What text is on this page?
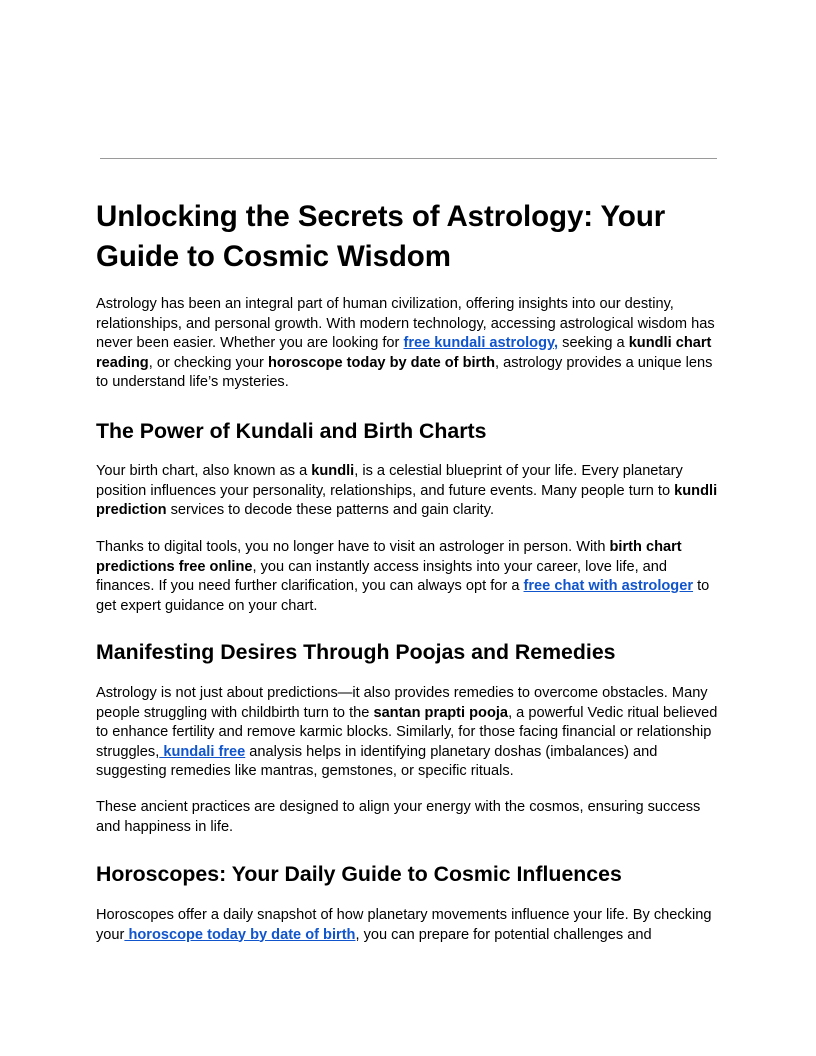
Unlocking the Secrets of Astrology: Your Guide to Cosmic Wisdom

Astrology has been an integral part of human civilization, offering insights into our destiny, relationships, and personal growth. With modern technology, accessing astrological wisdom has never been easier. Whether you are looking for free kundali astrology, seeking a kundli chart reading, or checking your horoscope today by date of birth, astrology provides a unique lens to understand life’s mysteries.

The Power of Kundali and Birth Charts

Your birth chart, also known as a kundli, is a celestial blueprint of your life. Every planetary position influences your personality, relationships, and future events. Many people turn to kundli prediction services to decode these patterns and gain clarity.

Thanks to digital tools, you no longer have to visit an astrologer in person. With birth chart predictions free online, you can instantly access insights into your career, love life, and finances. If you need further clarification, you can always opt for a free chat with astrologer to get expert guidance on your chart.

Manifesting Desires Through Poojas and Remedies

Astrology is not just about predictions—it also provides remedies to overcome obstacles. Many people struggling with childbirth turn to the santan prapti pooja, a powerful Vedic ritual believed to enhance fertility and remove karmic blocks. Similarly, for those facing financial or relationship struggles, kundali free analysis helps in identifying planetary doshas (imbalances) and suggesting remedies like mantras, gemstones, or specific rituals.

These ancient practices are designed to align your energy with the cosmos, ensuring success and happiness in life.

Horoscopes: Your Daily Guide to Cosmic Influences

Horoscopes offer a daily snapshot of how planetary movements influence your life. By checking your horoscope today by date of birth, you can prepare for potential challenges and
